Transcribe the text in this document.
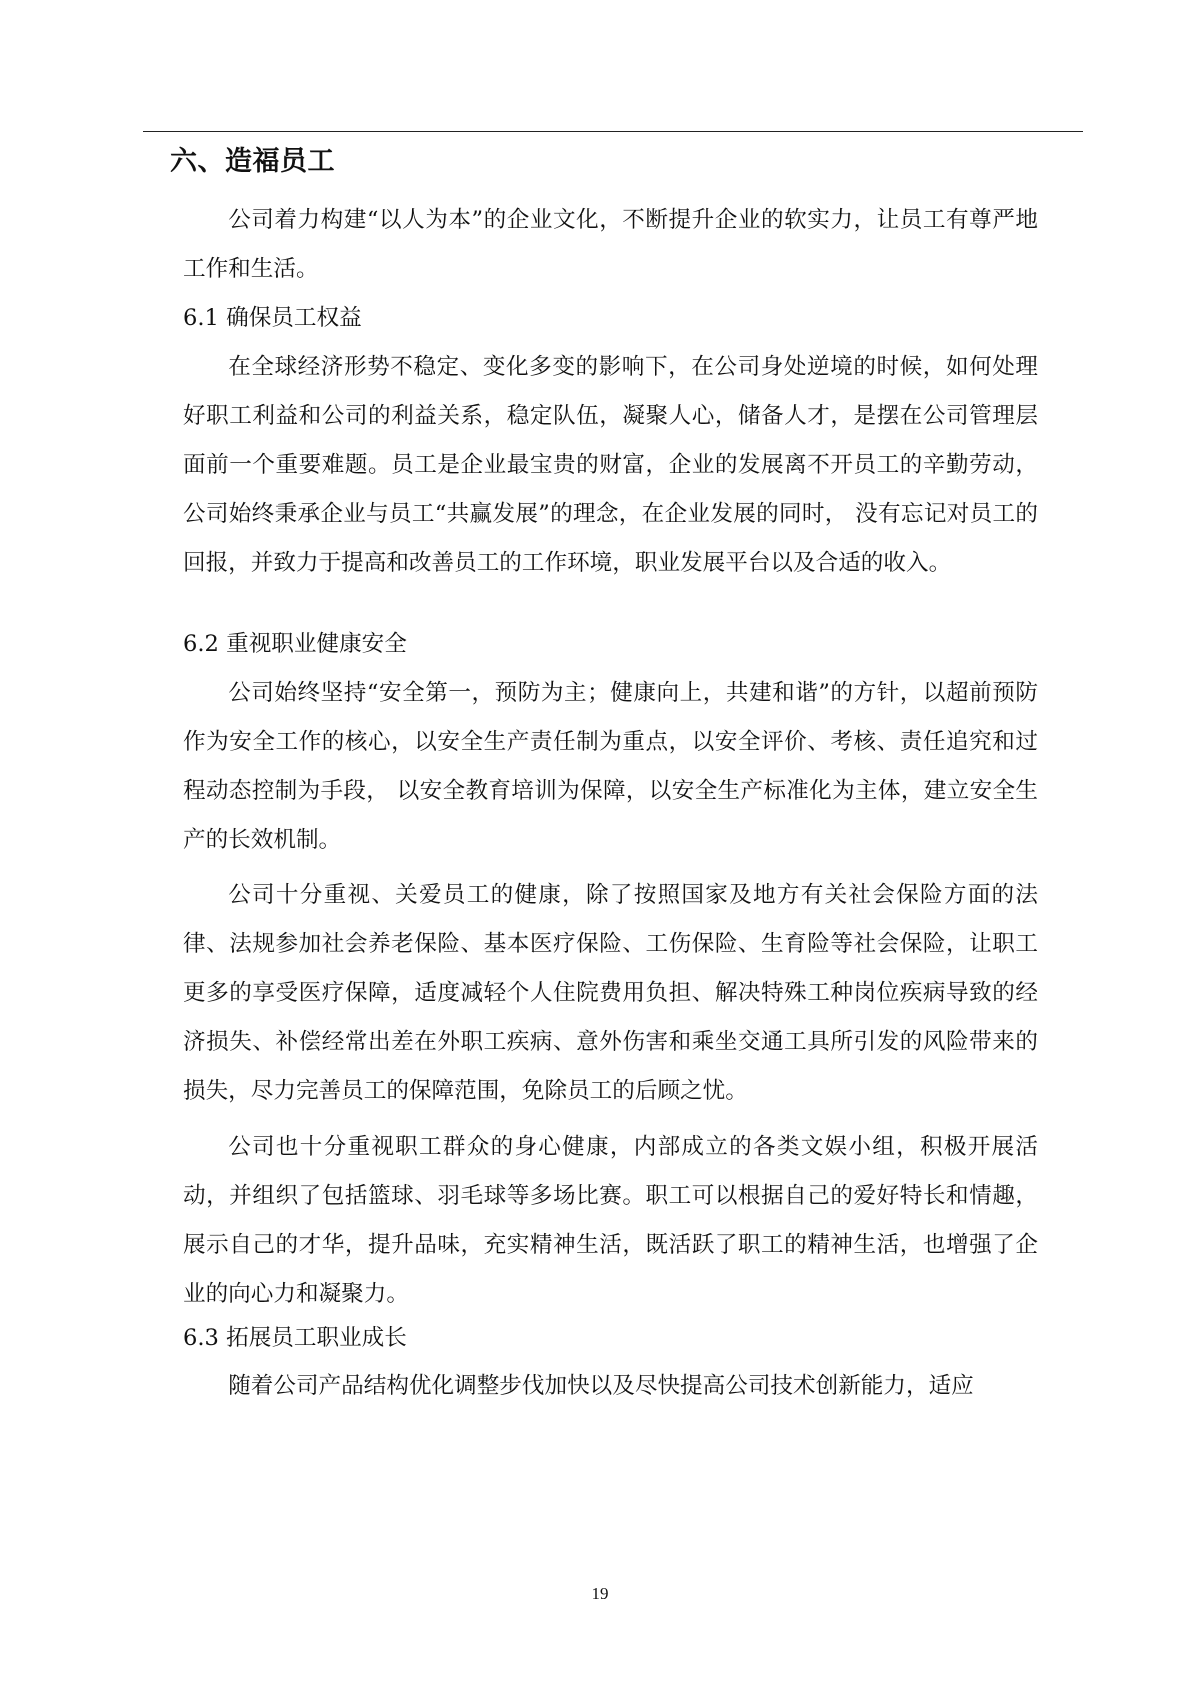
六、造福员工

公司着力构建“以人为本”的企业文化，不断提升企业的软实力，让员工有尊严地工作和生活。

6.1 确保员工权益

在全球经济形势不稳定、变化多变的影响下，在公司身处逆境的时候，如何处理好职工利益和公司的利益关系，稳定队伍，凝聚人心，储备人才，是摆在公司管理层面前一个重要难题。员工是企业最宝贵的财富，企业的发展离不开员工的辛勤劳动，公司始终秉承企业与员工“共赢发展”的理念，在企业发展的同时， 没有忘记对员工的回报，并致力于提高和改善员工的工作环境，职业发展平台以及合适的收入。

6.2 重视职业健康安全

公司始终坚持“安全第一，预防为主；健康向上，共建和谐”的方针，以超前预防作为安全工作的核心，以安全生产责任制为重点，以安全评价、考核、责任追究和过程动态控制为手段， 以安全教育培训为保障，以安全生产标准化为主体，建立安全生产的长效机制。

公司十分重视、关爱员工的健康，除了按照国家及地方有关社会保险方面的法律、法规参加社会养老保险、基本医疗保险、工伤保险、生育险等社会保险，让职工更多的享受医疗保障，适度减轻个人住院费用负担、解决特殊工种岗位疾病导致的经济损失、补偿经常出差在外职工疾病、意外伤害和乘坐交通工具所引发的风险带来的损失，尽力完善员工的保障范围，免除员工的后顾之忧。

公司也十分重视职工群众的身心健康，内部成立的各类文娱小组，积极开展活动，并组织了包括篮球、羽毛球等多场比赛。职工可以根据自己的爱好特长和情趣，展示自己的才华，提升品味，充实精神生活，既活跃了职工的精神生活，也增强了企业的向心力和凝聚力。

6.3 拓展员工职业成长

随着公司产品结构优化调整步伐加快以及尽快提高公司技术创新能力，适应

19
